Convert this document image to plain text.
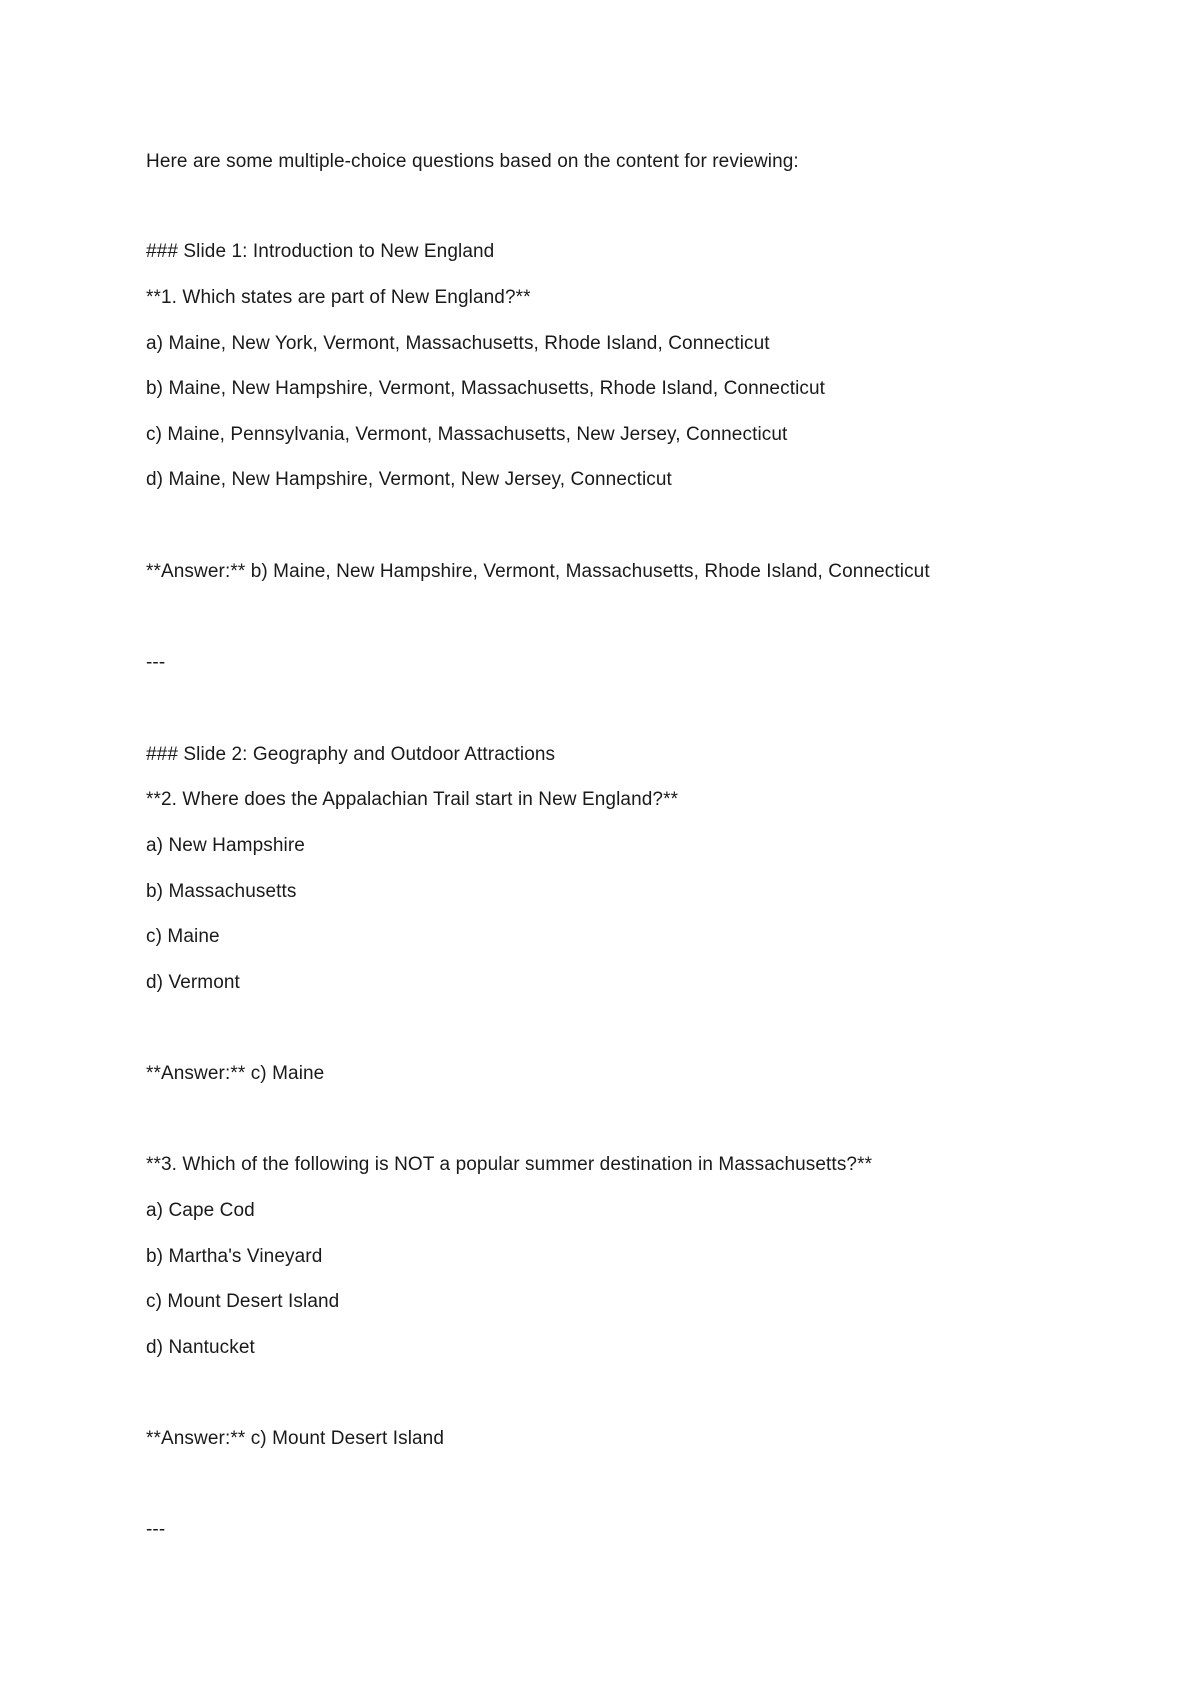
Here are some multiple-choice questions based on the content for reviewing:
### Slide 1: Introduction to New England
**1. Which states are part of New England?**
a) Maine, New York, Vermont, Massachusetts, Rhode Island, Connecticut
b) Maine, New Hampshire, Vermont, Massachusetts, Rhode Island, Connecticut
c) Maine, Pennsylvania, Vermont, Massachusetts, New Jersey, Connecticut
d) Maine, New Hampshire, Vermont, New Jersey, Connecticut
**Answer:** b) Maine, New Hampshire, Vermont, Massachusetts, Rhode Island, Connecticut
---
### Slide 2: Geography and Outdoor Attractions
**2. Where does the Appalachian Trail start in New England?**
a) New Hampshire
b) Massachusetts
c) Maine
d) Vermont
**Answer:** c) Maine
**3. Which of the following is NOT a popular summer destination in Massachusetts?**
a) Cape Cod
b) Martha's Vineyard
c) Mount Desert Island
d) Nantucket
**Answer:** c) Mount Desert Island
---
